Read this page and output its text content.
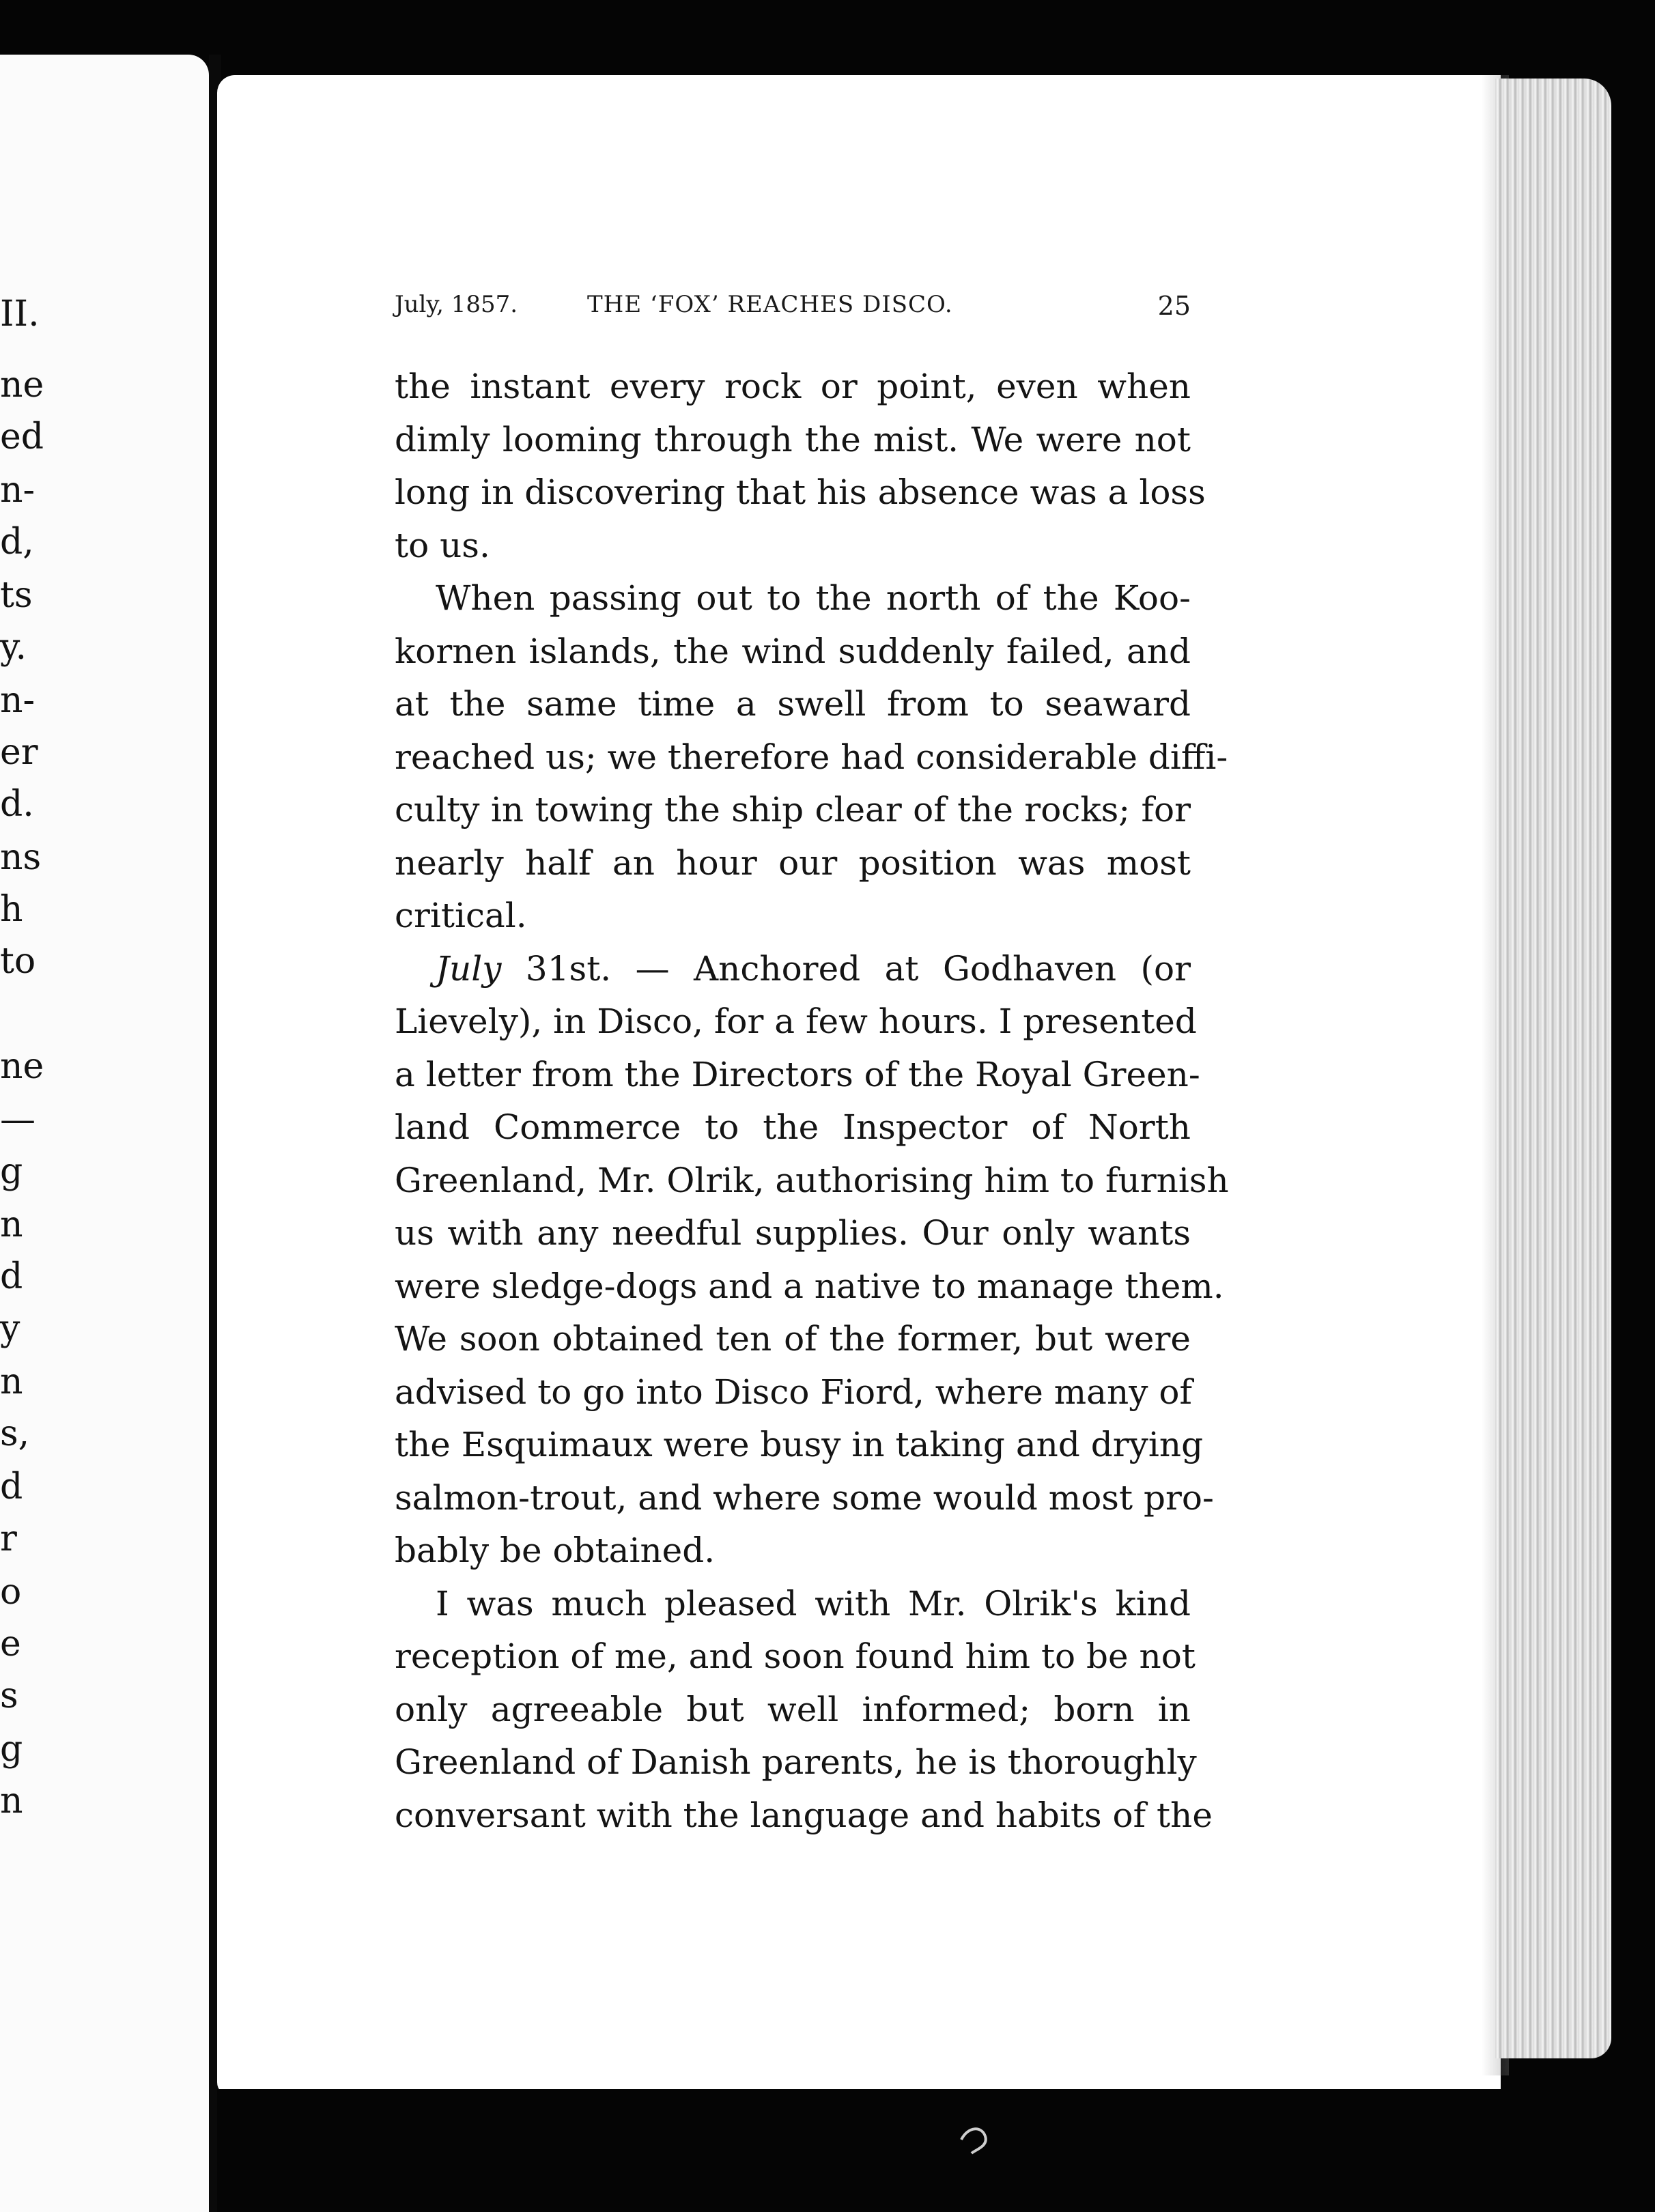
II.
ne
ed
n-
d,
ts
y.
n-
er
d.
ns
h
to
ne
—
g
n
d
y
n
s,
d
r
o
e
s
g
n
July, 1857.	THE ‘FOX’ REACHES DISCO.	25
the instant every rock or point, even when
dimly looming through the mist. We were not
long in discovering that his absence was a loss
to us.
When passing out to the north of the Koo-
kornen islands, the wind suddenly failed, and
at the same time a swell from to seaward
reached us; we therefore had considerable diffi-
culty in towing the ship clear of the rocks; for
nearly half an hour our position was most
critical.
July 31st. — Anchored at Godhaven (or
Lievely), in Disco, for a few hours. I presented
a letter from the Directors of the Royal Green-
land Commerce to the Inspector of North
Greenland, Mr. Olrik, authorising him to furnish
us with any needful supplies. Our only wants
were sledge-dogs and a native to manage them.
We soon obtained ten of the former, but were
advised to go into Disco Fiord, where many of
the Esquimaux were busy in taking and drying
salmon-trout, and where some would most pro-
bably be obtained.
I was much pleased with Mr. Olrik's kind
reception of me, and soon found him to be not
only agreeable but well informed; born in
Greenland of Danish parents, he is thoroughly
conversant with the language and habits of the
